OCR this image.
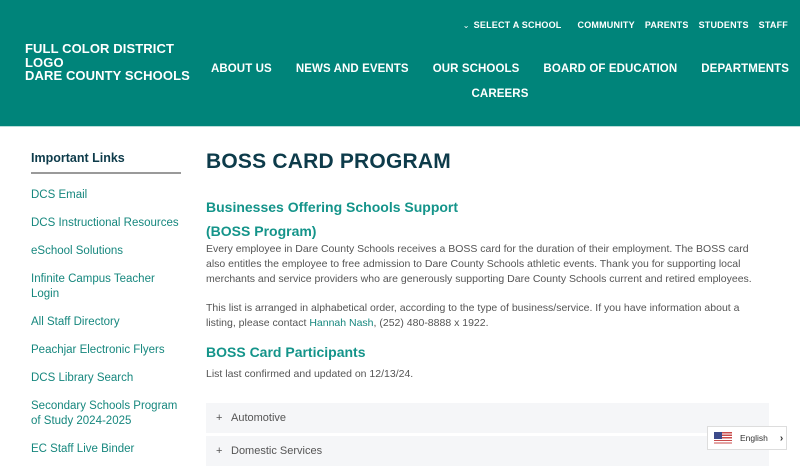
FULL COLOR DISTRICT
LOGO
DARE COUNTY SCHOOLS
⌄ SELECT A SCHOOL COMMUNITY PARENTS STUDENTS STAFF
ABOUT US NEWS AND EVENTS OUR SCHOOLS BOARD OF EDUCATION DEPARTMENTS
CAREERS
Important Links
DCS Email
DCS Instructional Resources
eSchool Solutions
Infinite Campus Teacher Login
All Staff Directory
Peachjar Electronic Flyers
DCS Library Search
Secondary Schools Program of Study 2024-2025
EC Staff Live Binder
BOSS CARD PROGRAM
Businesses Offering Schools Support
(BOSS Program)

Every employee in Dare County Schools receives a BOSS card for the duration of their employment. The BOSS card also entitles the employee to free admission to Dare County Schools athletic events. Thank you for supporting local merchants and service providers who are generously supporting Dare County Schools current and retired employees.

This list is arranged in alphabetical order, according to the type of business/service. If you have information about a listing, please contact Hannah Nash, (252) 480-8888 x 1922.

BOSS Card Participants

List last confirmed and updated on 12/13/24.

+ Automotive
+ Domestic Services
English ›
